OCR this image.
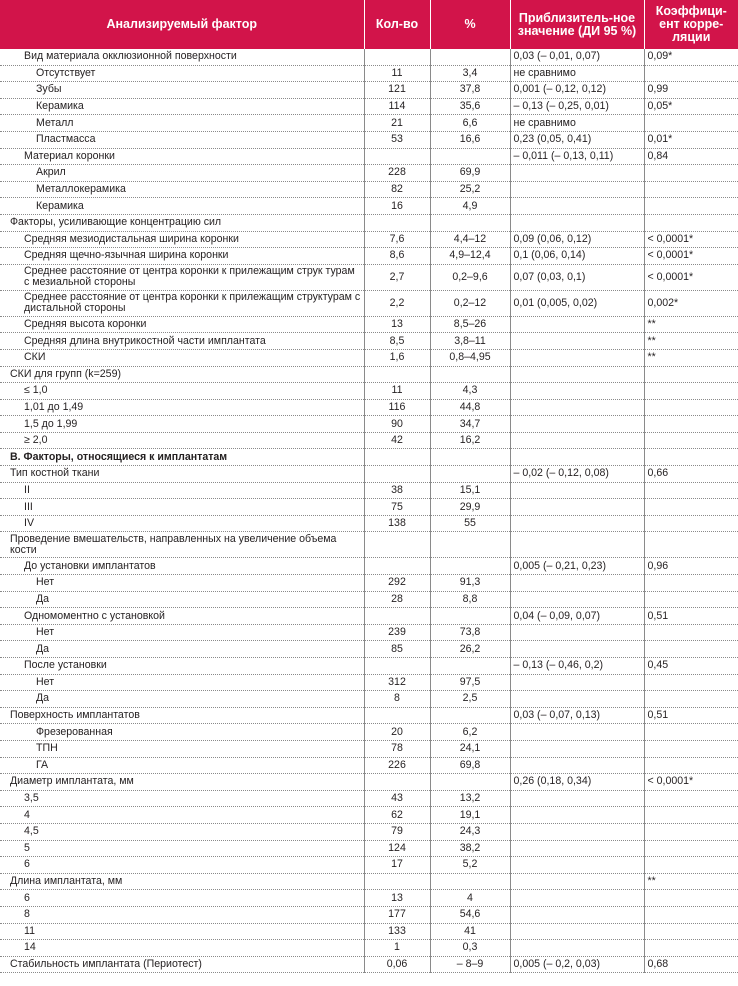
Анализируемый фактор	Кол-во	%	Приблизитель-ное значение (ДИ 95 %)	Коэффици-ент корре-ляции
Вид материала окклюзионной поверхности			0,03 (– 0,01, 0,07)	0,09*
Отсутствует	11	3,4	не сравнимо	
Зубы	121	37,8	0,001 (– 0,12, 0,12)	0,99
Керамика	114	35,6	– 0,13 (– 0,25, 0,01)	0,05*
Металл	21	6,6	не сравнимо	
Пластмасса	53	16,6	0,23 (0,05, 0,41)	0,01*
Материал коронки			– 0,011 (– 0,13, 0,11)	0,84
Акрил	228	69,9		
Металлокерамика	82	25,2		
Керамика	16	4,9		
Факторы, усиливающие концентрацию сил				
Средняя мезиодистальная ширина коронки	7,6	4,4–12	0,09 (0,06, 0,12)	< 0,0001*
Средняя щечно-язычная ширина коронки	8,6	4,9–12,4	0,1 (0,06, 0,14)	< 0,0001*
Среднее расстояние от центра коронки к прилежащим струк турам с мезиальной стороны	2,7	0,2–9,6	0,07 (0,03, 0,1)	< 0,0001*
Среднее расстояние от центра коронки к прилежащим структурам с дистальной стороны	2,2	0,2–12	0,01 (0,005, 0,02)	0,002*
Средняя высота коронки	13	8,5–26		**
Средняя длина внутрикостной части имплантата	8,5	3,8–11		**
СКИ	1,6	0,8–4,95		**
СКИ для групп (k=259)				
≤ 1,0	11	4,3		
1,01 до 1,49	116	44,8		
1,5 до 1,99	90	34,7		
≥ 2,0	42	16,2		
B. Факторы, относящиеся к имплантатам				
Тип костной ткани			– 0,02 (– 0,12, 0,08)	0,66
II	38	15,1		
III	75	29,9		
IV	138	55		
Проведение вмешательств, направленных на увеличение объема кости				
До установки имплантатов			0,005 (– 0,21, 0,23)	0,96
Нет	292	91,3		
Да	28	8,8		
Одномоментно с установкой			0,04 (– 0,09, 0,07)	0,51
Нет	239	73,8		
Да	85	26,2		
После установки			– 0,13 (– 0,46, 0,2)	0,45
Нет	312	97,5		
Да	8	2,5		
Поверхность имплантатов			0,03 (– 0,07, 0,13)	0,51
Фрезерованная	20	6,2		
ТПН	78	24,1		
ГА	226	69,8		
Диаметр имплантата, мм			0,26 (0,18, 0,34)	< 0,0001*
3,5	43	13,2		
4	62	19,1		
4,5	79	24,3		
5	124	38,2		
6	17	5,2		
Длина имплантата, мм				**
6	13	4		
8	177	54,6		
11	133	41		
14	1	0,3		
Стабильность имплантата (Периотест)	0,06	– 8–9	0,005 (– 0,2, 0,03)	0,68
